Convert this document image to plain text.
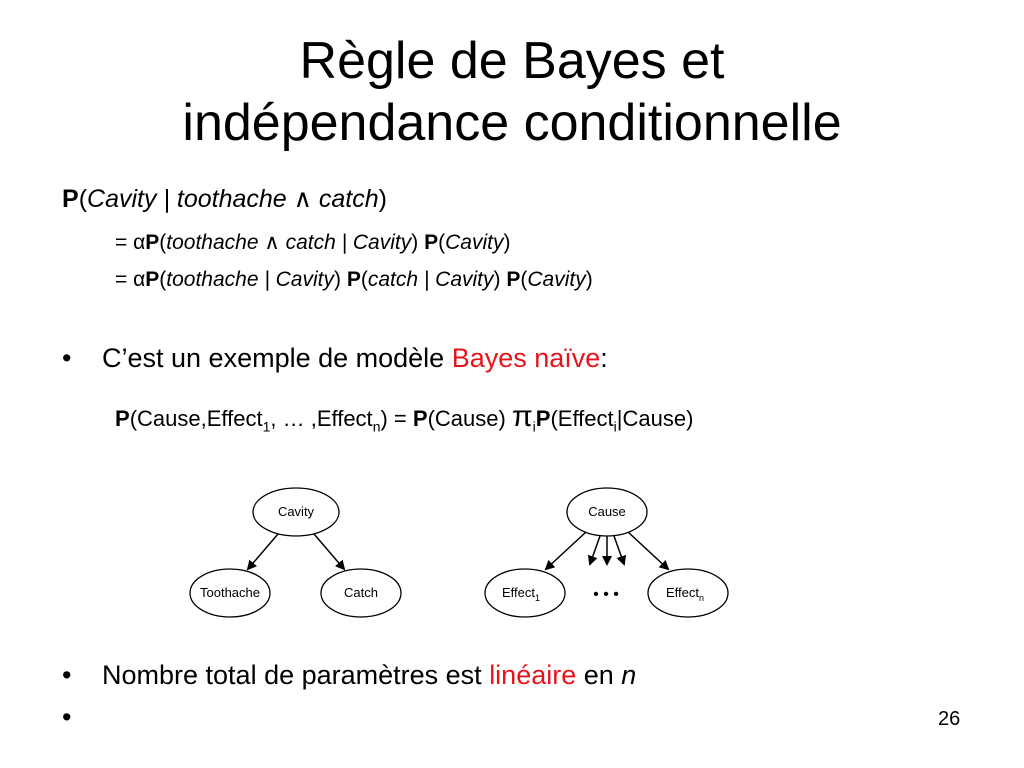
Règle de Bayes et
indépendance conditionnelle
P(Cavity | toothache ∧ catch)
= αP(toothache ∧ catch | Cavity) P(Cavity)
= αP(toothache | Cavity) P(catch | Cavity) P(Cavity)
• C’est un exemple de modèle Bayes naïve:
P(Cause,Effect$_1$, … ,Effect$_n$) = P(Cause) $\pi_iP(Effect_i|Cause)$
Cavity
Toothache	Catch
Cause
Effect$_1$	Effect$_n$
• • •
• Nombre total de paramètres est linéaire en n
•	26
